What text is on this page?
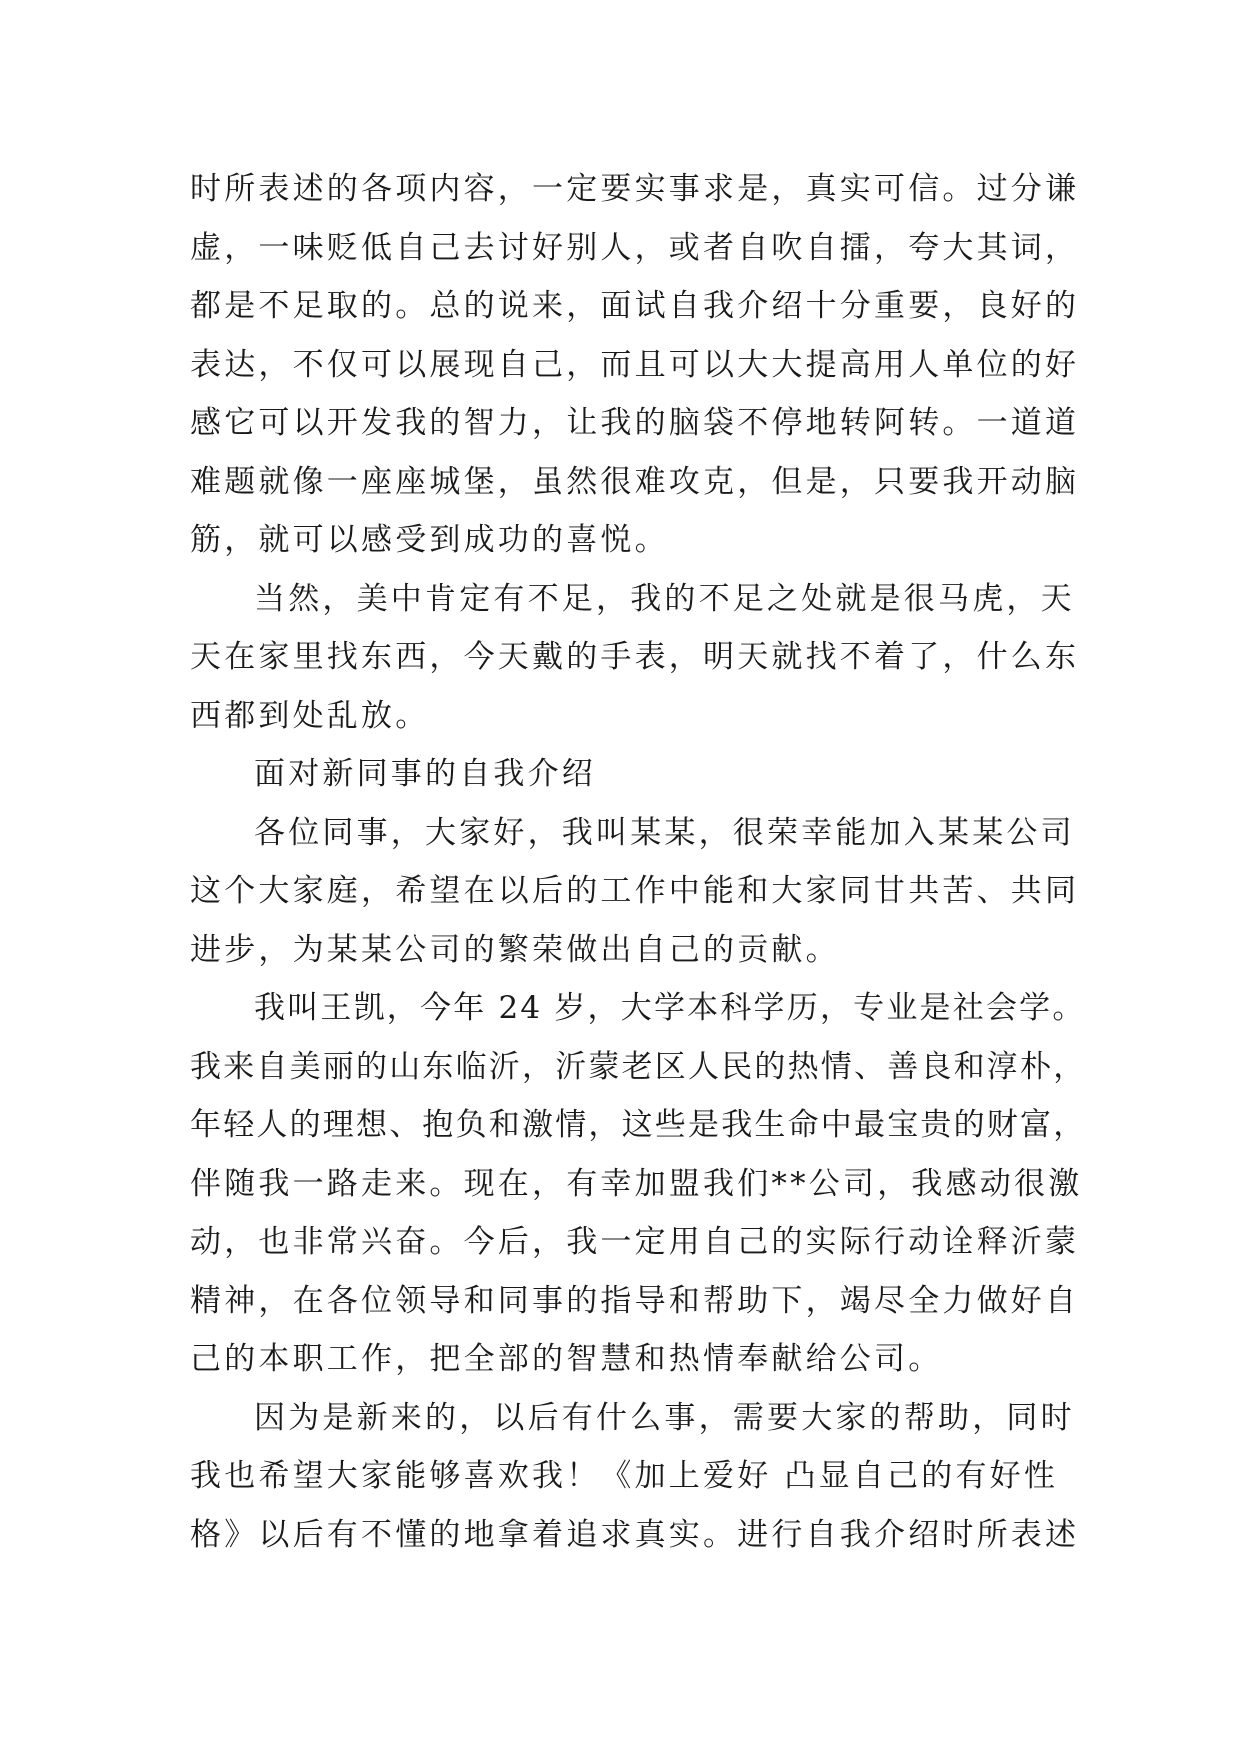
时所表述的各项内容，一定要实事求是，真实可信。过分谦
虚，一味贬低自己去讨好别人，或者自吹自擂，夸大其词，
都是不足取的。总的说来，面试自我介绍十分重要，良好的
表达，不仅可以展现自己，而且可以大大提高用人单位的好
感它可以开发我的智力，让我的脑袋不停地转阿转。一道道
难题就像一座座城堡，虽然很难攻克，但是，只要我开动脑
筋，就可以感受到成功的喜悦。
当然，美中肯定有不足，我的不足之处就是很马虎，天
天在家里找东西，今天戴的手表，明天就找不着了，什么东
西都到处乱放。
面对新同事的自我介绍
各位同事，大家好，我叫某某，很荣幸能加入某某公司
这个大家庭，希望在以后的工作中能和大家同甘共苦、共同
进步，为某某公司的繁荣做出自己的贡献。
我叫王凯，今年 24 岁，大学本科学历，专业是社会学。
我来自美丽的山东临沂，沂蒙老区人民的热情、善良和淳朴，
年轻人的理想、抱负和激情，这些是我生命中最宝贵的财富，
伴随我一路走来。现在，有幸加盟我们**公司，我感动很激
动，也非常兴奋。今后，我一定用自己的实际行动诠释沂蒙
精神，在各位领导和同事的指导和帮助下，竭尽全力做好自
己的本职工作，把全部的智慧和热情奉献给公司。
因为是新来的，以后有什么事，需要大家的帮助，同时
我也希望大家能够喜欢我！《加上爱好 凸显自己的有好性
格》以后有不懂的地拿着追求真实。进行自我介绍时所表述
